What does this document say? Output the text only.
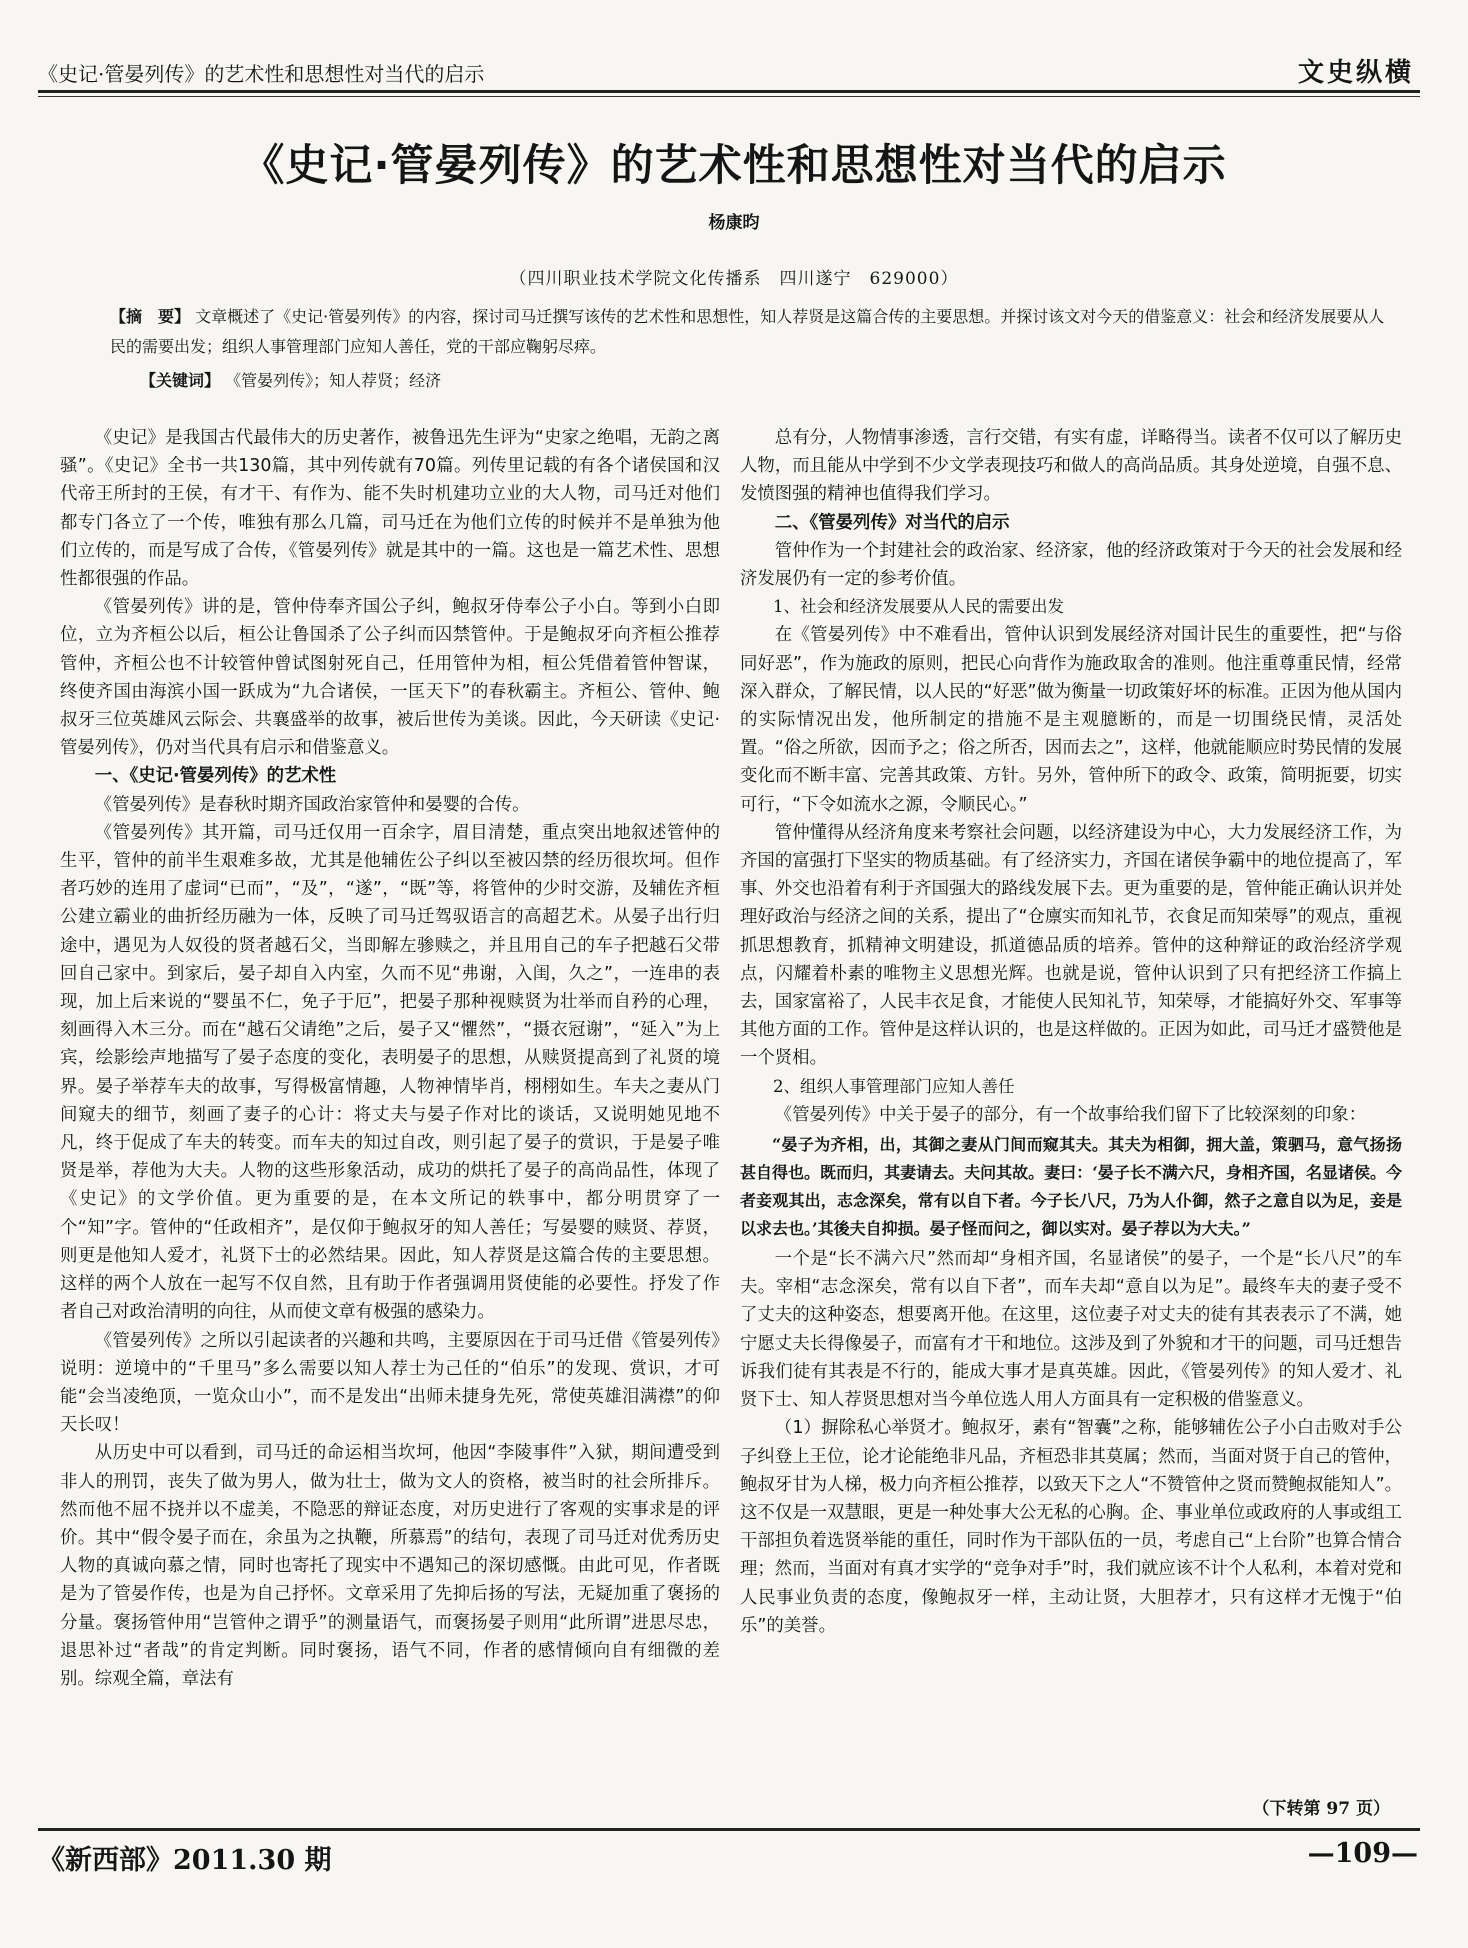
《史记·管晏列传》的艺术性和思想性对当代的启示	文史纵横
《史记·管晏列传》的艺术性和思想性对当代的启示
杨康昀
（四川职业技术学院文化传播系　四川遂宁　629000）
【摘　要】 文章概述了《史记·管晏列传》的内容，探讨司马迁撰写该传的艺术性和思想性，知人荐贤是这篇合传的主要思想。并探讨该文对今天的借鉴意义：社会和经济发展要从人民的需要出发；组织人事管理部门应知人善任，党的干部应鞠躬尽瘁。
【关键词】 《管晏列传》；知人荐贤；经济

《史记》是我国古代最伟大的历史著作，被鲁迅先生评为“史家之绝唱，无韵之离骚”。《史记》全书一共130篇，其中列传就有70篇。列传里记载的有各个诸侯国和汉代帝王所封的王侯，有才干、有作为、能不失时机建功立业的大人物，司马迁对他们都专门各立了一个传，唯独有那么几篇，司马迁在为他们立传的时候并不是单独为他们立传的，而是写成了合传，《管晏列传》就是其中的一篇。这也是一篇艺术性、思想性都很强的作品。

《管晏列传》讲的是，管仲侍奉齐国公子纠，鲍叔牙侍奉公子小白。等到小白即位，立为齐桓公以后，桓公让鲁国杀了公子纠而囚禁管仲。于是鲍叔牙向齐桓公推荐管仲，齐桓公也不计较管仲曾试图射死自己，任用管仲为相，桓公凭借着管仲智谋，终使齐国由海滨小国一跃成为“九合诸侯，一匡天下”的春秋霸主。齐桓公、管仲、鲍叔牙三位英雄风云际会、共襄盛举的故事，被后世传为美谈。因此，今天研读《史记·管晏列传》，仍对当代具有启示和借鉴意义。

一、《史记·管晏列传》的艺术性

《管晏列传》是春秋时期齐国政治家管仲和晏婴的合传。

《管晏列传》其开篇，司马迁仅用一百余字，眉目清楚，重点突出地叙述管仲的生平，管仲的前半生艰难多故，尤其是他辅佐公子纠以至被囚禁的经历很坎坷。但作者巧妙的连用了虚词“已而”，“及”，“遂”，“既”等，将管仲的少时交游，及辅佐齐桓公建立霸业的曲折经历融为一体，反映了司马迁驾驭语言的高超艺术。从晏子出行归途中，遇见为人奴役的贤者越石父，当即解左骖赎之，并且用自己的车子把越石父带回自己家中。到家后，晏子却自入内室，久而不见“弗谢，入闺，久之”，一连串的表现，加上后来说的“婴虽不仁，免子于厄”，把晏子那种视赎贤为壮举而自矜的心理，刻画得入木三分。而在“越石父请绝”之后，晏子又“懼然”，“摄衣冠谢”，“延入”为上宾，绘影绘声地描写了晏子态度的变化，表明晏子的思想，从赎贤提高到了礼贤的境界。晏子举荐车夫的故事，写得极富情趣，人物神情毕肖，栩栩如生。车夫之妻从门间窥夫的细节，刻画了妻子的心计：将丈夫与晏子作对比的谈话，又说明她见地不凡，终于促成了车夫的转变。而车夫的知过自改，则引起了晏子的赏识，于是晏子唯贤是举，荐他为大夫。人物的这些形象活动，成功的烘托了晏子的高尚品性，体现了《史记》的文学价值。更为重要的是，在本文所记的轶事中，都分明贯穿了一个“知”字。管仲的“任政相齐”，是仅仰于鲍叔牙的知人善任；写晏婴的赎贤、荐贤，则更是他知人爱才，礼贤下士的必然结果。因此，知人荐贤是这篇合传的主要思想。这样的两个人放在一起写不仅自然，且有助于作者强调用贤使能的必要性。抒发了作者自己对政治清明的向往，从而使文章有极强的感染力。

《管晏列传》之所以引起读者的兴趣和共鸣，主要原因在于司马迁借《管晏列传》说明：逆境中的“千里马”多么需要以知人荐士为己任的“伯乐”的发现、赏识，才可能“会当凌绝顶，一览众山小”，而不是发出“出师未捷身先死，常使英雄泪满襟”的仰天长叹！

从历史中可以看到，司马迁的命运相当坎坷，他因“李陵事件”入狱，期间遭受到非人的刑罚，丧失了做为男人，做为壮士，做为文人的资格，被当时的社会所排斥。然而他不屈不挠并以不虚美，不隐恶的辩证态度，对历史进行了客观的实事求是的评价。其中“假令晏子而在，余虽为之执鞭，所慕焉”的结句，表现了司马迁对优秀历史人物的真诚向慕之情，同时也寄托了现实中不遇知己的深切感慨。由此可见，作者既是为了管晏作传，也是为自己抒怀。文章采用了先抑后扬的写法，无疑加重了褒扬的分量。褒扬管仲用“岂管仲之谓乎”的测量语气，而褒扬晏子则用“此所谓”进思尽忠，退思补过“者哉”的肯定判断。同时褒扬，语气不同，作者的感情倾向自有细微的差别。综观全篇，章法有

总有分，人物情事渗透，言行交错，有实有虚，详略得当。读者不仅可以了解历史人物，而且能从中学到不少文学表现技巧和做人的高尚品质。其身处逆境，自强不息、发愤图强的精神也值得我们学习。

二、《管晏列传》对当代的启示

管仲作为一个封建社会的政治家、经济家，他的经济政策对于今天的社会发展和经济发展仍有一定的参考价值。

1、社会和经济发展要从人民的需要出发

在《管晏列传》中不难看出，管仲认识到发展经济对国计民生的重要性，把“与俗同好恶”，作为施政的原则，把民心向背作为施政取舍的准则。他注重尊重民情，经常深入群众，了解民情，以人民的“好恶”做为衡量一切政策好坏的标准。正因为他从国内的实际情况出发，他所制定的措施不是主观臆断的，而是一切围绕民情，灵活处置。“俗之所欲，因而予之；俗之所否，因而去之”，这样，他就能顺应时势民情的发展变化而不断丰富、完善其政策、方针。另外，管仲所下的政令、政策，简明扼要，切实可行，“下令如流水之源，令顺民心。”

管仲懂得从经济角度来考察社会问题，以经济建设为中心，大力发展经济工作，为齐国的富强打下坚实的物质基础。有了经济实力，齐国在诸侯争霸中的地位提高了，军事、外交也沿着有利于齐国强大的路线发展下去。更为重要的是，管仲能正确认识并处理好政治与经济之间的关系，提出了“仓廪实而知礼节，衣食足而知荣辱”的观点，重视抓思想教育，抓精神文明建设，抓道德品质的培养。管仲的这种辩证的政治经济学观点，闪耀着朴素的唯物主义思想光辉。也就是说，管仲认识到了只有把经济工作搞上去，国家富裕了，人民丰衣足食，才能使人民知礼节，知荣辱，才能搞好外交、军事等其他方面的工作。管仲是这样认识的，也是这样做的。正因为如此，司马迁才盛赞他是一个贤相。

2、组织人事管理部门应知人善任

《管晏列传》中关于晏子的部分，有一个故事给我们留下了比较深刻的印象：

“晏子为齐相，出，其御之妻从门间而窥其夫。其夫为相御，拥大盖，策驷马，意气扬扬甚自得也。既而归，其妻请去。夫问其故。妻曰：‘晏子长不满六尺，身相齐国，名显诸侯。今者妾观其出，志念深矣，常有以自下者。今子长八尺，乃为人仆御，然子之意自以为足，妾是以求去也。’其後夫自抑损。晏子怪而问之，御以实对。晏子荐以为大夫。”

一个是“长不满六尺”然而却“身相齐国，名显诸侯”的晏子，一个是“长八尺”的车夫。宰相“志念深矣，常有以自下者”，而车夫却“意自以为足”。最终车夫的妻子受不了丈夫的这种姿态，想要离开他。在这里，这位妻子对丈夫的徒有其表表示了不满，她宁愿丈夫长得像晏子，而富有才干和地位。这涉及到了外貌和才干的问题，司马迁想告诉我们徒有其表是不行的，能成大事才是真英雄。因此，《管晏列传》的知人爱才、礼贤下士、知人荐贤思想对当今单位选人用人方面具有一定积极的借鉴意义。

（1）摒除私心举贤才。鲍叔牙，素有“智囊”之称，能够辅佐公子小白击败对手公子纠登上王位，论才论能绝非凡品，齐桓恐非其莫属；然而，当面对贤于自己的管仲，鲍叔牙甘为人梯，极力向齐桓公推荐，以致天下之人“不赞管仲之贤而赞鲍叔能知人”。这不仅是一双慧眼，更是一种处事大公无私的心胸。企、事业单位或政府的人事或组工干部担负着选贤举能的重任，同时作为干部队伍的一员，考虑自己“上台阶”也算合情合理；然而，当面对有真才实学的“竞争对手”时，我们就应该不计个人私利，本着对党和人民事业负责的态度，像鲍叔牙一样，主动让贤，大胆荐才，只有这样才无愧于“伯乐”的美誉。

（下转第 97 页）
《新西部》2011.30 期	—109—
